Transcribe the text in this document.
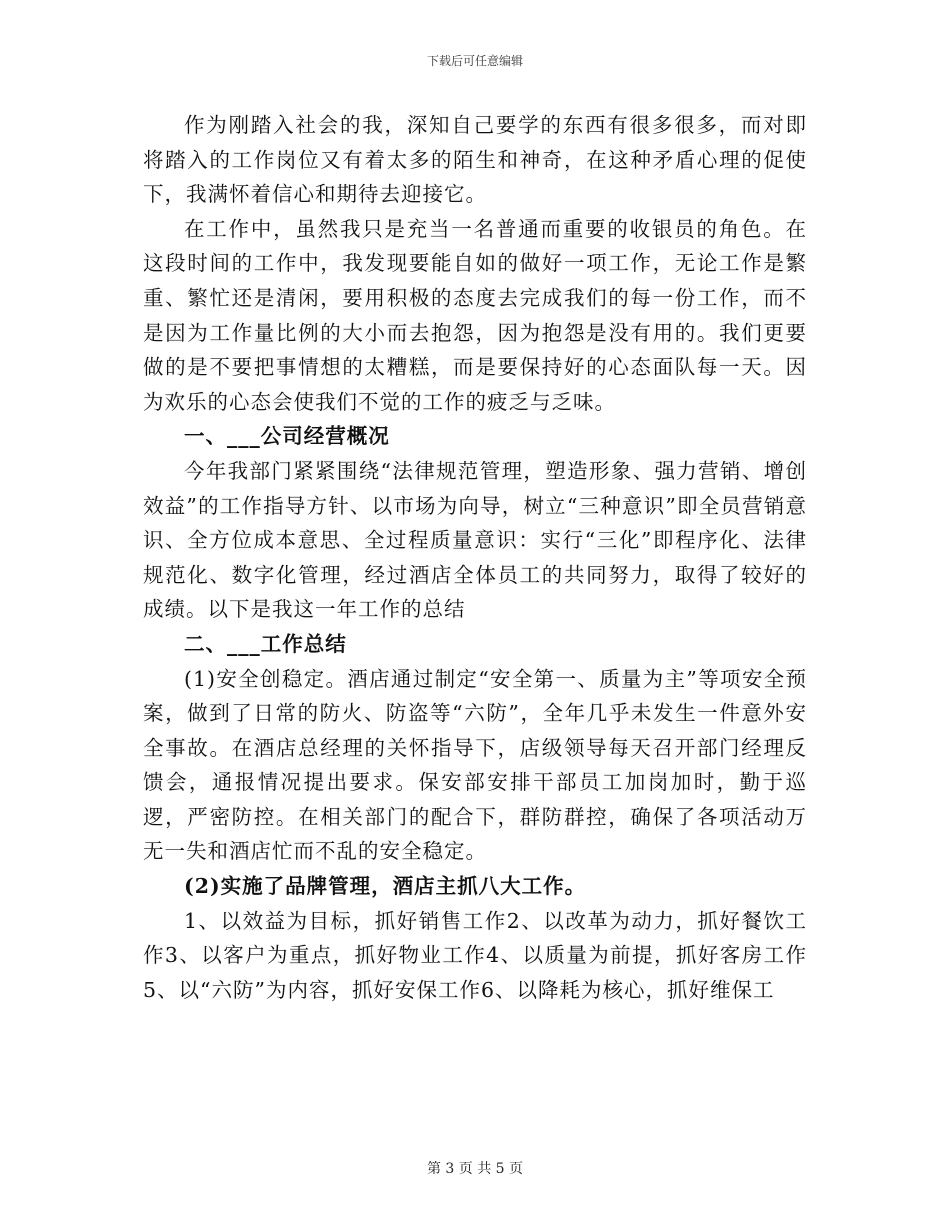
下载后可任意编辑

作为刚踏入社会的我，深知自己要学的东西有很多很多，而对即将踏入的工作岗位又有着太多的陌生和神奇，在这种矛盾心理的促使下，我满怀着信心和期待去迎接它。

在工作中，虽然我只是充当一名普通而重要的收银员的角色。在这段时间的工作中，我发现要能自如的做好一项工作，无论工作是繁重、繁忙还是清闲，要用积极的态度去完成我们的每一份工作，而不是因为工作量比例的大小而去抱怨，因为抱怨是没有用的。我们更要做的是不要把事情想的太糟糕，而是要保持好的心态面队每一天。因为欢乐的心态会使我们不觉的工作的疲乏与乏味。

一、___公司经营概况

今年我部门紧紧围绕“法律规范管理，塑造形象、强力营销、增创效益”的工作指导方针、以市场为向导，树立“三种意识”即全员营销意识、全方位成本意思、全过程质量意识：实行“三化”即程序化、法律规范化、数字化管理，经过酒店全体员工的共同努力，取得了较好的成绩。以下是我这一年工作的总结

二、___工作总结

(1)安全创稳定。酒店通过制定“安全第一、质量为主”等项安全预案，做到了日常的防火、防盗等“六防”，全年几乎未发生一件意外安全事故。在酒店总经理的关怀指导下，店级领导每天召开部门经理反馈会，通报情况提出要求。保安部安排干部员工加岗加时，勤于巡逻，严密防控。在相关部门的配合下，群防群控，确保了各项活动万无一失和酒店忙而不乱的安全稳定。

(2)实施了品牌管理，酒店主抓八大工作。

1、以效益为目标，抓好销售工作2、以改革为动力，抓好餐饮工作3、以客户为重点，抓好物业工作4、以质量为前提，抓好客房工作5、以“六防”为内容，抓好安保工作6、以降耗为核心，抓好维保工

第 3 页 共 5 页
